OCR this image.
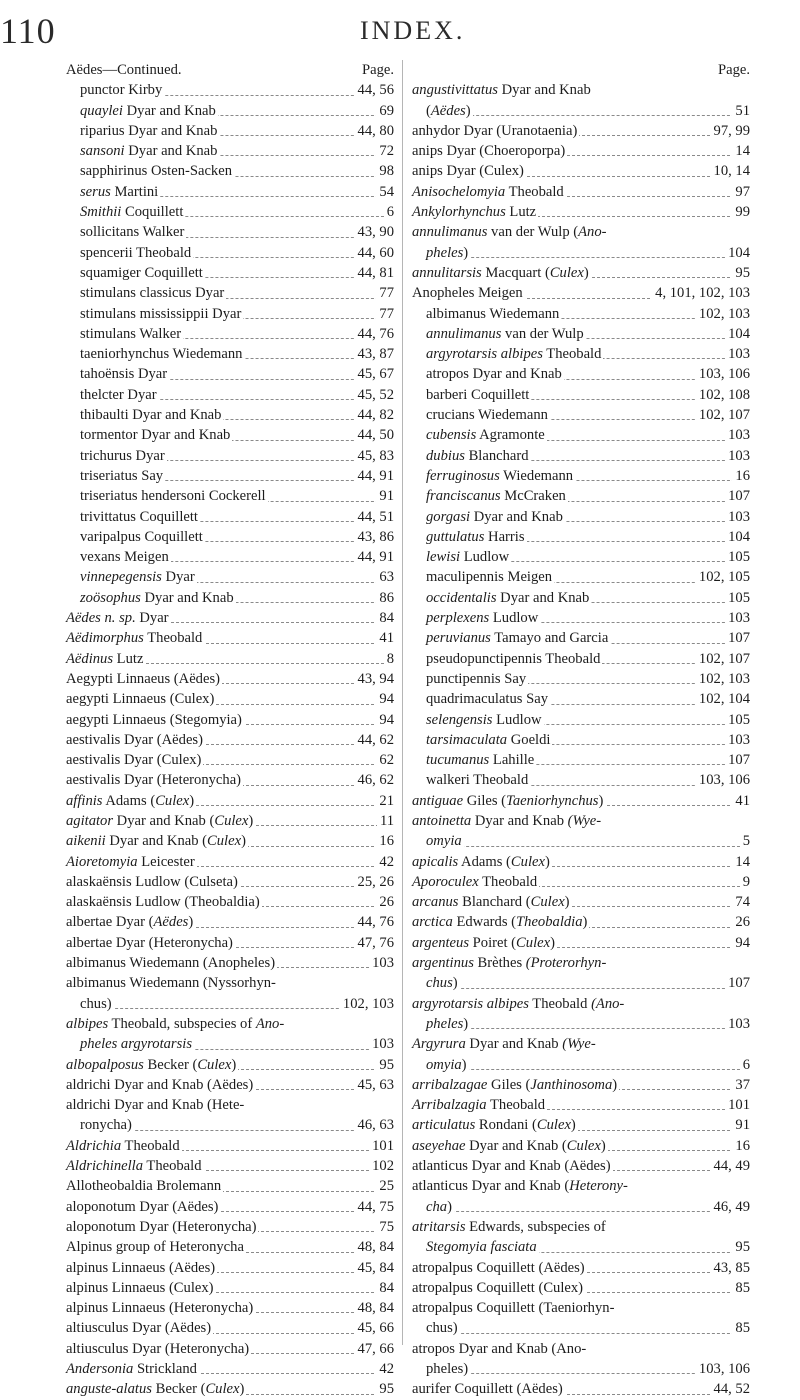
110	INDEX.
Aëdes—Continued.	Page.
punctor Kirby	44, 56
quaylei Dyar and Knab	69
riparius Dyar and Knab	44, 80
sansoni Dyar and Knab	72
sapphirinus Osten-Sacken	98
serus Martini	54
Smithii Coquillett	6
sollicitans Walker	43, 90
spencerii Theobald	44, 60
squamiger Coquillett	44, 81
stimulans classicus Dyar	77
stimulans mississippii Dyar	77
stimulans Walker	44, 76
taeniorhynchus Wiedemann	43, 87
tahoënsis Dyar	45, 67
thelcter Dyar	45, 52
thibaulti Dyar and Knab	44, 82
tormentor Dyar and Knab	44, 50
trichurus Dyar	45, 83
triseriatus Say	44, 91
triseriatus hendersoni Cockerell	91
trivittatus Coquillett	44, 51
varipalpus Coquillett	43, 86
vexans Meigen	44, 91
vinnepegensis Dyar	63
zoösophus Dyar and Knab	86
Aëdes n. sp. Dyar	84
Aëdimorphus Theobald	41
Aëdinus Lutz	8
Aegypti Linnaeus (Aëdes)	43, 94
aegypti Linnaeus (Culex)	94
aegypti Linnaeus (Stegomyia)	94
aestivalis Dyar (Aëdes)	44, 62
aestivalis Dyar (Culex)	62
aestivalis Dyar (Heteronycha)	46, 62
affinis Adams (Culex)	21
agitator Dyar and Knab (Culex)	11
aikenii Dyar and Knab (Culex)	16
Aioretomyia Leicester	42
alaskaënsis Ludlow (Culseta)	25, 26
alaskaënsis Ludlow (Theobaldia)	26
albertae Dyar (Aëdes)	44, 76
albertae Dyar (Heteronycha)	47, 76
albimanus Wiedemann (Anopheles)	103
albimanus Wiedemann (Nyssorhyn-
chus)	102, 103
albipes Theobald, subspecies of Ano-
pheles argyrotarsis	103
albopalposus Becker (Culex)	95
aldrichi Dyar and Knab (Aëdes)	45, 63
aldrichi Dyar and Knab (Hete-
ronycha)	46, 63
Aldrichia Theobald	101
Aldrichinella Theobald	102
Allotheobaldia Brolemann	25
aloponotum Dyar (Aëdes)	44, 75
aloponotum Dyar (Heteronycha)	75
Alpinus group of Heteronycha	48, 84
alpinus Linnaeus (Aëdes)	45, 84
alpinus Linnaeus (Culex)	84
alpinus Linnaeus (Heteronycha)	48, 84
altiusculus Dyar (Aëdes)	45, 66
altiusculus Dyar (Heteronycha)	47, 66
Andersonia Strickland	42
anguste-alatus Becker (Culex)	95
Page.
angustivittatus Dyar and Knab
(Aëdes)	51
anhydor Dyar (Uranotaenia)	97, 99
anips Dyar (Choeroporpa)	14
anips Dyar (Culex)	10, 14
Anisochelomyia Theobald	97
Ankylorhynchus Lutz	99
annulimanus van der Wulp (Ano-
pheles)	104
annulitarsis Macquart (Culex)	95
Anopheles Meigen	4, 101, 102, 103
albimanus Wiedemann	102, 103
annulimanus van der Wulp	104
argyrotarsis albipes Theobald	103
atropos Dyar and Knab	103, 106
barberi Coquillett	102, 108
crucians Wiedemann	102, 107
cubensis Agramonte	103
dubius Blanchard	103
ferruginosus Wiedemann	16
franciscanus McCraken	107
gorgasi Dyar and Knab	103
guttulatus Harris	104
lewisi Ludlow	105
maculipennis Meigen	102, 105
occidentalis Dyar and Knab	105
perplexens Ludlow	103
peruvianus Tamayo and Garcia	107
pseudopunctipennis Theobald	102, 107
punctipennis Say	102, 103
quadrimaculatus Say	102, 104
selengensis Ludlow	105
tarsimaculata Goeldi	103
tucumanus Lahille	107
walkeri Theobald	103, 106
antiguae Giles (Taeniorhynchus)	41
antoinetta Dyar and Knab (Wye-
omyia	5
apicalis Adams (Culex)	14
Aporoculex Theobald	9
arcanus Blanchard (Culex)	74
arctica Edwards (Theobaldia)	26
argenteus Poiret (Culex)	94
argentinus Brèthes (Proterorhyn-
chus)	107
argyrotarsis albipes Theobald (Ano-
pheles)	103
Argyrura Dyar and Knab (Wye-
omyia)	6
arribalzagae Giles (Janthinosoma)	37
Arribalzagia Theobald	101
articulatus Rondani (Culex)	91
aseyehae Dyar and Knab (Culex)	16
atlanticus Dyar and Knab (Aëdes)	44, 49
atlanticus Dyar and Knab (Heterony-
cha)	46, 49
atritarsis Edwards, subspecies of
Stegomyia fasciata	95
atropalpus Coquillett (Aëdes)	43, 85
atropalpus Coquillett (Culex)	85
atropalpus Coquillett (Taeniorhyn-
chus)	85
atropos Dyar and Knab (Ano-
pheles)	103, 106
aurifer Coquillett (Aëdes)	44, 52
